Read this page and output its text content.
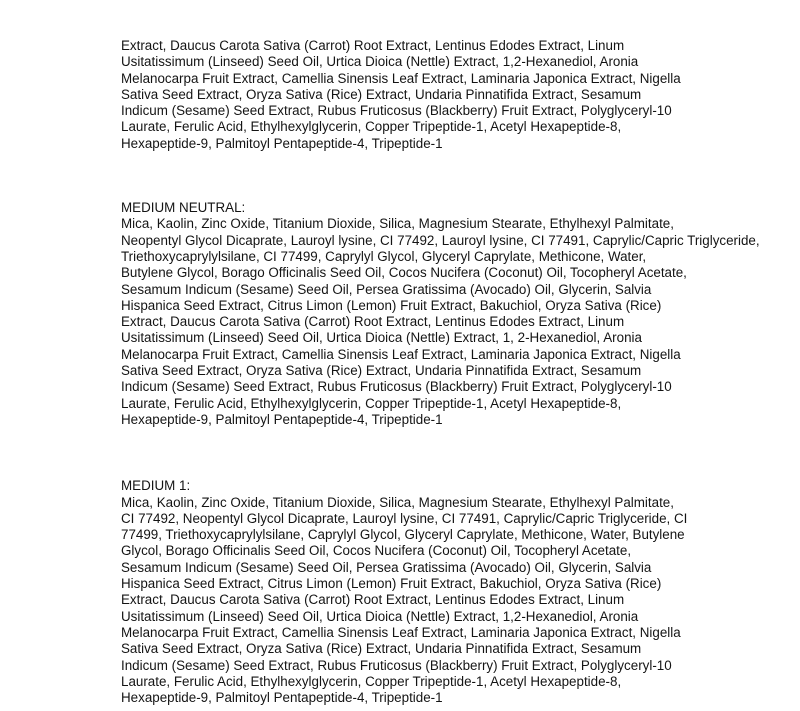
Extract, Daucus Carota Sativa (Carrot) Root Extract, Lentinus Edodes Extract, Linum
Usitatissimum (Linseed) Seed Oil, Urtica Dioica (Nettle) Extract, 1,2-Hexanediol, Aronia
Melanocarpa Fruit Extract, Camellia Sinensis Leaf Extract, Laminaria Japonica Extract, Nigella
Sativa Seed Extract, Oryza Sativa (Rice) Extract, Undaria Pinnatifida Extract, Sesamum
Indicum (Sesame) Seed Extract, Rubus Fruticosus (Blackberry) Fruit Extract, Polyglyceryl-10
Laurate, Ferulic Acid, Ethylhexylglycerin, Copper Tripeptide-1, Acetyl Hexapeptide-8,
Hexapeptide-9, Palmitoyl Pentapeptide-4, Tripeptide-1
MEDIUM NEUTRAL:
Mica, Kaolin, Zinc Oxide, Titanium Dioxide, Silica, Magnesium Stearate, Ethylhexyl Palmitate,
Neopentyl Glycol Dicaprate, Lauroyl lysine, CI 77492, Lauroyl lysine, CI 77491, Caprylic/Capric Triglyceride,
Triethoxycaprylylsilane, CI 77499, Caprylyl Glycol, Glyceryl Caprylate, Methicone, Water,
Butylene Glycol, Borago Officinalis Seed Oil, Cocos Nucifera (Coconut) Oil, Tocopheryl Acetate,
Sesamum Indicum (Sesame) Seed Oil, Persea Gratissima (Avocado) Oil, Glycerin, Salvia
Hispanica Seed Extract, Citrus Limon (Lemon) Fruit Extract, Bakuchiol, Oryza Sativa (Rice)
Extract, Daucus Carota Sativa (Carrot) Root Extract, Lentinus Edodes Extract, Linum
Usitatissimum (Linseed) Seed Oil, Urtica Dioica (Nettle) Extract, 1, 2-Hexanediol, Aronia
Melanocarpa Fruit Extract, Camellia Sinensis Leaf Extract, Laminaria Japonica Extract, Nigella
Sativa Seed Extract, Oryza Sativa (Rice) Extract, Undaria Pinnatifida Extract, Sesamum
Indicum (Sesame) Seed Extract, Rubus Fruticosus (Blackberry) Fruit Extract, Polyglyceryl-10
Laurate, Ferulic Acid, Ethylhexylglycerin, Copper Tripeptide-1, Acetyl Hexapeptide-8,
Hexapeptide-9, Palmitoyl Pentapeptide-4, Tripeptide-1
MEDIUM 1:
Mica, Kaolin, Zinc Oxide, Titanium Dioxide, Silica, Magnesium Stearate, Ethylhexyl Palmitate,
CI 77492, Neopentyl Glycol Dicaprate, Lauroyl lysine, CI 77491, Caprylic/Capric Triglyceride, CI
77499, Triethoxycaprylylsilane, Caprylyl Glycol, Glyceryl Caprylate, Methicone, Water, Butylene
Glycol, Borago Officinalis Seed Oil, Cocos Nucifera (Coconut) Oil, Tocopheryl Acetate,
Sesamum Indicum (Sesame) Seed Oil, Persea Gratissima (Avocado) Oil, Glycerin, Salvia
Hispanica Seed Extract, Citrus Limon (Lemon) Fruit Extract, Bakuchiol, Oryza Sativa (Rice)
Extract, Daucus Carota Sativa (Carrot) Root Extract, Lentinus Edodes Extract, Linum
Usitatissimum (Linseed) Seed Oil, Urtica Dioica (Nettle) Extract, 1,2-Hexanediol, Aronia
Melanocarpa Fruit Extract, Camellia Sinensis Leaf Extract, Laminaria Japonica Extract, Nigella
Sativa Seed Extract, Oryza Sativa (Rice) Extract, Undaria Pinnatifida Extract, Sesamum
Indicum (Sesame) Seed Extract, Rubus Fruticosus (Blackberry) Fruit Extract, Polyglyceryl-10
Laurate, Ferulic Acid, Ethylhexylglycerin, Copper Tripeptide-1, Acetyl Hexapeptide-8,
Hexapeptide-9, Palmitoyl Pentapeptide-4, Tripeptide-1
